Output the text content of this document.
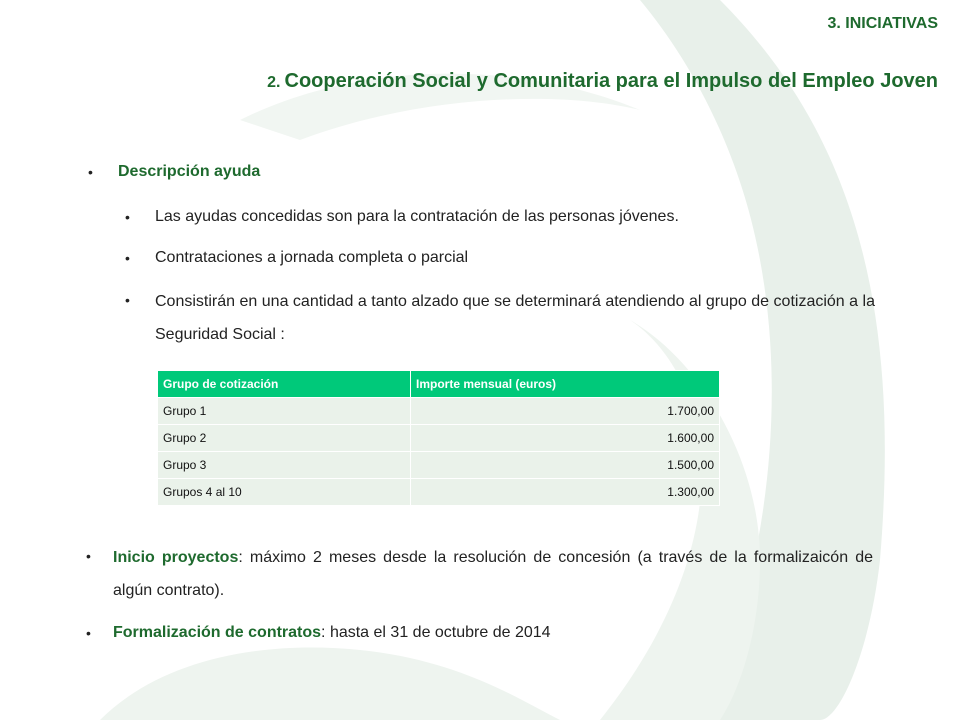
3. INICIATIVAS
2. Cooperación Social y Comunitaria para el Impulso del Empleo Joven
• Descripción ayuda
• Las ayudas concedidas son para la contratación de las personas jóvenes.
• Contrataciones a jornada completa o parcial
• Consistirán en una cantidad a tanto alzado que se determinará atendiendo al grupo de cotización a la Seguridad Social :
Grupo de cotización	Importe mensual (euros)
Grupo 1	1.700,00
Grupo 2	1.600,00
Grupo 3	1.500,00
Grupos 4 al 10	1.300,00
• Inicio proyectos: máximo 2 meses desde la resolución de concesión (a través de la formalizaicón de algún contrato).
• Formalización de contratos: hasta el 31 de octubre de 2014
